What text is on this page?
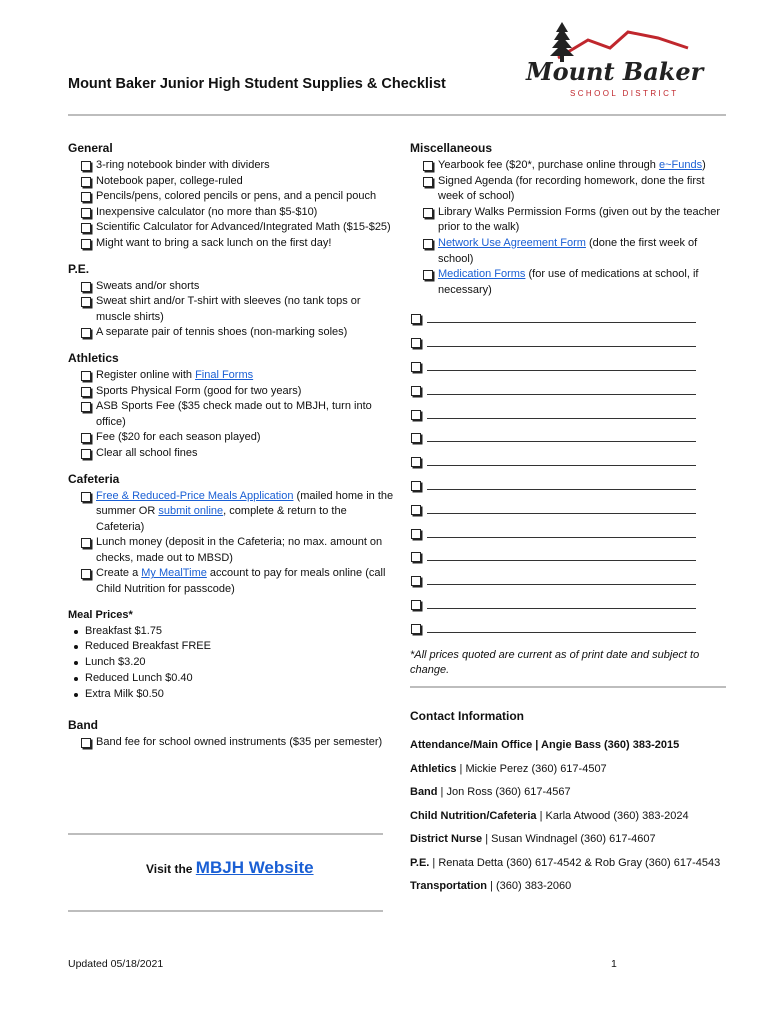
Mount Baker Junior High Student Supplies & Checklist	Mount Baker
SCHOOL DISTRICT
General
3-ring notebook binder with dividers
Notebook paper, college-ruled
Pencils/pens, colored pencils or pens, and a pencil pouch
Inexpensive calculator (no more than $5-$10)
Scientific Calculator for Advanced/Integrated Math ($15-$25)
Might want to bring a sack lunch on the first day!
P.E.
Sweats and/or shorts
Sweat shirt and/or T-shirt with sleeves (no tank tops or muscle shirts)
A separate pair of tennis shoes (non-marking soles)
Athletics
Register online with Final Forms
Sports Physical Form (good for two years)
ASB Sports Fee ($35 check made out to MBJH, turn into office)
Fee ($20 for each season played)
Clear all school fines
Cafeteria
Free & Reduced-Price Meals Application (mailed home in the summer OR submit online, complete & return to the Cafeteria)
Lunch money (deposit in the Cafeteria; no max. amount on checks, made out to MBSD)
Create a My MealTime account to pay for meals online (call Child Nutrition for passcode)
Meal Prices*
Breakfast $1.75
Reduced Breakfast FREE
Lunch $3.20
Reduced Lunch $0.40
Extra Milk $0.50
Band
Band fee for school owned instruments ($35 per semester)
Visit the MBJH Website
Miscellaneous
Yearbook fee ($20*, purchase online through e~Funds)
Signed Agenda (for recording homework, done the first week of school)
Library Walks Permission Forms (given out by the teacher prior to the walk)
Network Use Agreement Form (done the first week of school)
Medication Forms (for use of medications at school, if necessary)
*All prices quoted are current as of print date and subject to change.
Contact Information

Attendance/Main Office | Angie Bass (360) 383-2015

Athletics | Mickie Perez (360) 617-4507

Band | Jon Ross (360) 617-4567

Child Nutrition/Cafeteria | Karla Atwood (360) 383-2024

District Nurse | Susan Windnagel (360) 617-4607

P.E. | Renata Detta (360) 617-4542 & Rob Gray (360) 617-4543

Transportation | (360) 383-2060

Updated 05/18/2021	1
